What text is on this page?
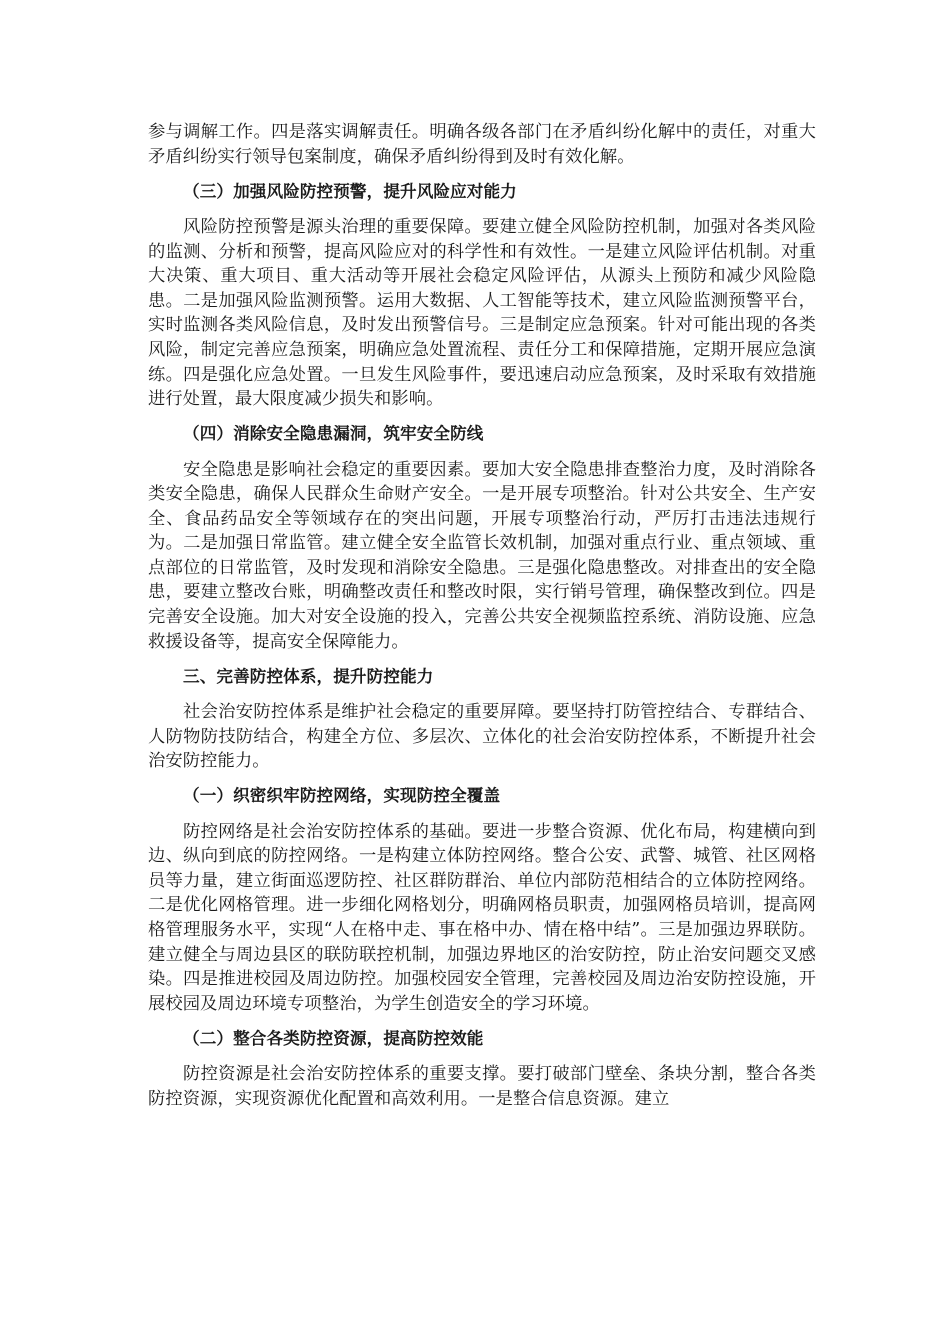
参与调解工作。四是落实调解责任。明确各级各部门在矛盾纠纷化解中的责任，对重大矛盾纠纷实行领导包案制度，确保矛盾纠纷得到及时有效化解。

（三）加强风险防控预警，提升风险应对能力

风险防控预警是源头治理的重要保障。要建立健全风险防控机制，加强对各类风险的监测、分析和预警，提高风险应对的科学性和有效性。一是建立风险评估机制。对重大决策、重大项目、重大活动等开展社会稳定风险评估，从源头上预防和减少风险隐患。二是加强风险监测预警。运用大数据、人工智能等技术，建立风险监测预警平台，实时监测各类风险信息，及时发出预警信号。三是制定应急预案。针对可能出现的各类风险，制定完善应急预案，明确应急处置流程、责任分工和保障措施，定期开展应急演练。四是强化应急处置。一旦发生风险事件，要迅速启动应急预案，及时采取有效措施进行处置，最大限度减少损失和影响。

（四）消除安全隐患漏洞，筑牢安全防线

安全隐患是影响社会稳定的重要因素。要加大安全隐患排查整治力度，及时消除各类安全隐患，确保人民群众生命财产安全。一是开展专项整治。针对公共安全、生产安全、食品药品安全等领域存在的突出问题，开展专项整治行动，严厉打击违法违规行为。二是加强日常监管。建立健全安全监管长效机制，加强对重点行业、重点领域、重点部位的日常监管，及时发现和消除安全隐患。三是强化隐患整改。对排查出的安全隐患，要建立整改台账，明确整改责任和整改时限，实行销号管理，确保整改到位。四是完善安全设施。加大对安全设施的投入，完善公共安全视频监控系统、消防设施、应急救援设备等，提高安全保障能力。

三、完善防控体系，提升防控能力

社会治安防控体系是维护社会稳定的重要屏障。要坚持打防管控结合、专群结合、人防物防技防结合，构建全方位、多层次、立体化的社会治安防控体系，不断提升社会治安防控能力。

（一）织密织牢防控网络，实现防控全覆盖

防控网络是社会治安防控体系的基础。要进一步整合资源、优化布局，构建横向到边、纵向到底的防控网络。一是构建立体防控网络。整合公安、武警、城管、社区网格员等力量，建立街面巡逻防控、社区群防群治、单位内部防范相结合的立体防控网络。二是优化网格管理。进一步细化网格划分，明确网格员职责，加强网格员培训，提高网格管理服务水平，实现“人在格中走、事在格中办、情在格中结”。三是加强边界联防。建立健全与周边县区的联防联控机制，加强边界地区的治安防控，防止治安问题交叉感染。四是推进校园及周边防控。加强校园安全管理，完善校园及周边治安防控设施，开展校园及周边环境专项整治，为学生创造安全的学习环境。

（二）整合各类防控资源，提高防控效能

防控资源是社会治安防控体系的重要支撑。要打破部门壁垒、条块分割，整合各类防控资源，实现资源优化配置和高效利用。一是整合信息资源。建立
